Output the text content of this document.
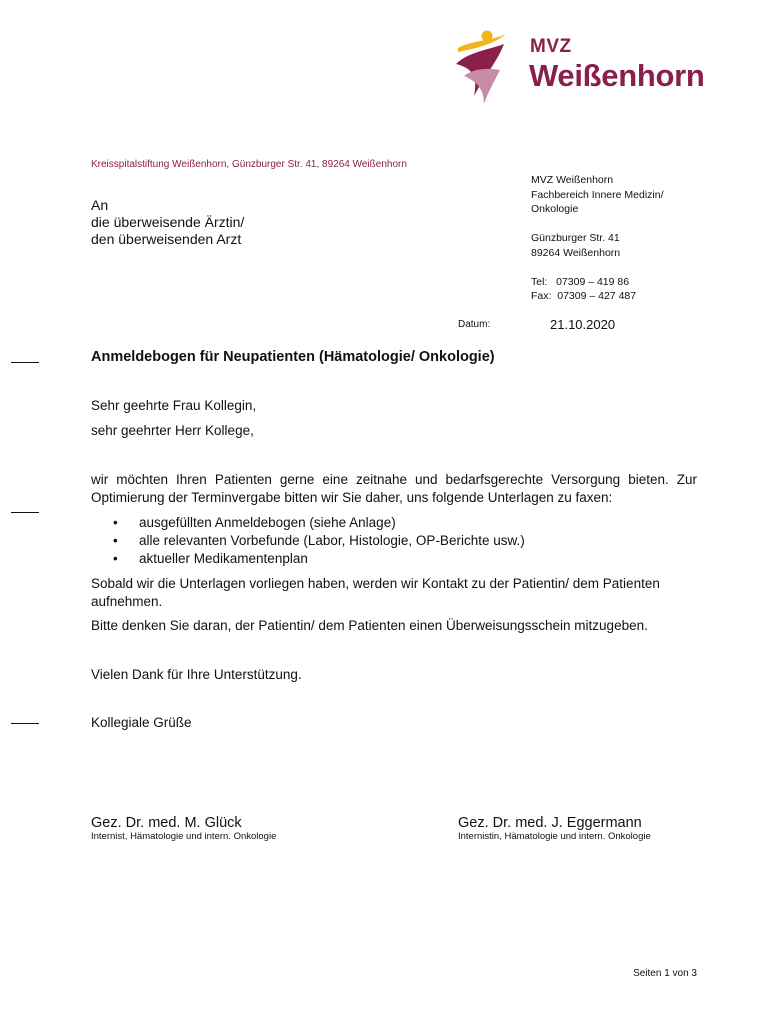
MVZ
Weißenhorn
Kreisspitalstiftung Weißenhorn, Günzburger Str. 41, 89264 Weißenhorn
An
die überweisende Ärztin/
den überweisenden Arzt
MVZ Weißenhorn
Fachbereich Innere Medizin/
Onkologie
Günzburger Str. 41
89264 Weißenhorn
Tel:   07309 – 419 86
Fax:  07309 – 427 487
Datum:	21.10.2020
Anmeldebogen für Neupatienten (Hämatologie/ Onkologie)
Sehr geehrte Frau Kollegin,
sehr geehrter Herr Kollege,
wir möchten Ihren Patienten gerne eine zeitnahe und bedarfsgerechte Versorgung bieten. Zur Optimierung der Terminvergabe bitten wir Sie daher, uns folgende Unterlagen zu faxen:
• ausgefüllten Anmeldebogen (siehe Anlage)
• alle relevanten Vorbefunde (Labor, Histologie, OP-Berichte usw.)
• aktueller Medikamentenplan
Sobald wir die Unterlagen vorliegen haben, werden wir Kontakt zu der Patientin/ dem Patienten aufnehmen.
Bitte denken Sie daran, der Patientin/ dem Patienten einen Überweisungsschein mitzugeben.
Vielen Dank für Ihre Unterstützung.
Kollegiale Grüße
Gez. Dr. med. M. Glück
Internist, Hämatologie und intern. Onkologie
Gez. Dr. med. J. Eggermann
Internistin, Hämatologie und intern. Onkologie
Seiten 1 von 3
